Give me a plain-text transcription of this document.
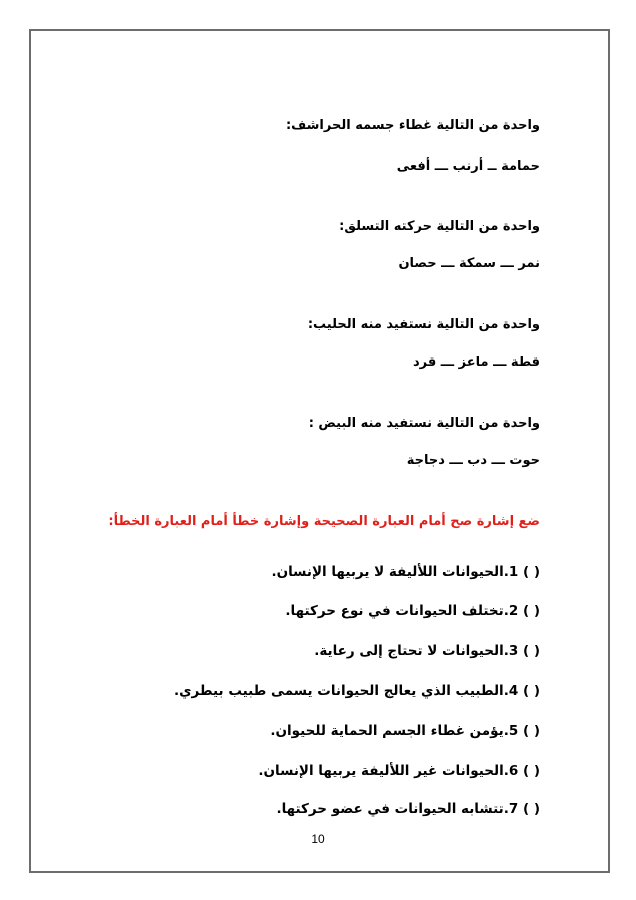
واحدة من التالية غطاء جسمه الحراشف:
حمامة ــ أرنب ـــ أفعى
واحدة من التالية حركته التسلق:
نمر ـــ سمكة ـــ حصان
واحدة من التالية نستفيد منه الحليب:
قطة ـــ ماعز ـــ قرد
واحدة من التالية نستفيد منه البيض :
حوت ـــ دب ـــ دجاجة
ضع إشارة صح أمام العبارة الصحيحة وإشارة خطأ أمام العبارة الخطأ:
( ) 1.الحيوانات اللأليفة لا يربيها الإنسان.
( ) 2.تختلف الحيوانات في نوع حركتها.
( ) 3.الحيوانات لا تحتاج إلى رعاية.
( ) 4.الطبيب الذي يعالج الحيوانات يسمى طبيب بيطري.
( ) 5.يؤمن غطاء الجسم الحماية للحيوان.
( ) 6.الحيوانات غير اللأليفة يربيها الإنسان.
( ) 7.تتشابه الحيوانات في عضو حركتها.
10
